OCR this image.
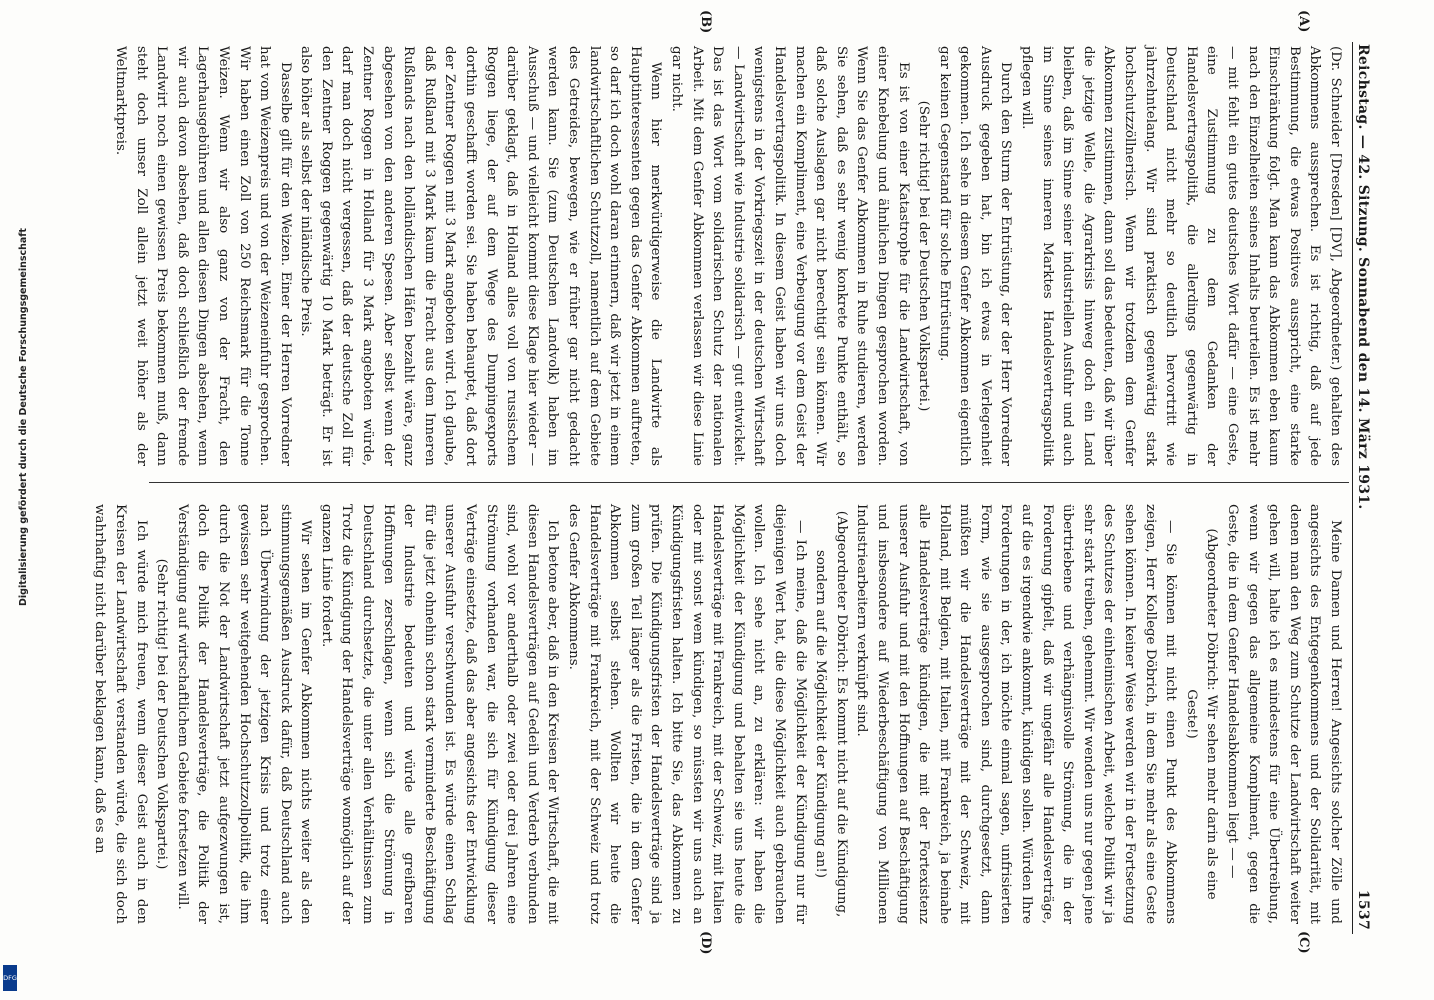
Reichstag. — 42. Sitzung. Sonnabend den 14. März 1931.
1537
(A)
(B)
(C)
(D)

(Dr. Schneider [Dresden] [DV], Abgeordneter.) gehalten des Abkommens aussprechen. Es ist richtig, daß auf jede Bestimmung, die etwas Positives ausspricht, eine starke Einschränkung folgt. Man kann das Abkommen eben kaum nach den Einzelheiten seines Inhalts beurteilen. Es ist mehr — mit fehlt ein gutes deutsches Wort dafür — eine Geste, eine Zustimmung zu dem Gedanken der Handelsvertragspolitik, die allerdings gegenwärtig in Deutschland nicht mehr so deutlich hervortritt wie jahrzehntelang. Wir sind praktisch gegenwärtig stark hochschutzzöllnerisch. Wenn wir trotzdem dem Genfer Abkommen zustimmen, dann soll das bedeuten, daß wir über die jetzige Welle, die Agrarkrisis hinweg doch ein Land bleiben, daß im Sinne seiner industriellen Ausfuhr und auch im Sinne seines inneren Marktes Handelsvertragspolitik pflegen will.

Durch den Sturm der Entrüstung, der der Herr Vorredner Ausdruck gegeben hat, bin ich etwas in Verlegenheit gekommen. Ich sehe in diesem Genfer Abkommen eigentlich gar keinen Gegenstand für solche Entrüstung.

(Sehr richtig! bei der Deutschen Volkspartei.)

Es ist von einer Katastrophe für die Landwirtschaft, von einer Knebelung und ähnlichen Dingen gesprochen worden. Wenn Sie das Genfer Abkommen in Ruhe studieren, werden Sie sehen, daß es sehr wenig konkrete Punkte enthält, so daß solche Auslagen gar nicht berechtigt sein können. Wir machen ein Kompliment, eine Verbeugung vor dem Geist der Handelsvertragspolitik. In diesem Geist haben wir uns doch wenigstens in der Vorkriegszeit in der deutschen Wirtschaft — Landwirtschaft wie Industrie solidarisch — gut entwickelt. Das ist das Wort vom solidarischen Schutz der nationalen Arbeit. Mit dem Genfer Abkommen verlassen wir diese Linie gar nicht.

Wenn hier merkwürdigerweise die Landwirte als Hauptinteressenten gegen das Genfer Abkommen auftreten, so darf ich doch wohl daran erinnern, daß wir jetzt in einem landwirtschaftlichen Schutzzoll, namentlich auf dem Gebiete des Getreides, bewegen, wie er früher gar nicht gedacht werden kann. Sie (zum Deutschen Landvolk) haben im Ausschuß — und vielleicht kommt diese Klage hier wieder — darüber geklagt, daß in Holland alles voll von russischem Roggen liege, der auf dem Wege des Dumpingexports dorthin geschafft worden sei. Sie haben behauptet, daß dort der Zentner Roggen mit 3 Mark angeboten wird. Ich glaube, daß Rußland mit 3 Mark kaum die Fracht aus dem Inneren Rußlands nach den holländischen Häfen bezahlt wäre, ganz abgesehen von den anderen Spesen. Aber selbst wenn der Zentner Roggen in Holland für 3 Mark angeboten würde, darf man doch nicht vergessen, daß der deutsche Zoll für den Zentner Roggen gegenwärtig 10 Mark beträgt. Er ist also höher als selbst der inländische Preis.

Dasselbe gilt für den Weizen. Einer der Herren Vorredner hat vom Weizenpreis und von der Weizeneinfuhr gesprochen. Wir haben einen Zoll von 250 Reichsmark für die Tonne Weizen. Wenn wir also ganz von der Fracht, den Lagerhausgebühren und allen diesen Dingen absehen, wenn wir auch davon absehen, daß doch schließlich der fremde Landwirt noch einen gewissen Preis bekommen muß, dann steht doch unser Zoll allein jetzt weit höher als der Weltmarktpreis.

Meine Damen und Herren! Angesichts solcher Zölle und angesichts des Entgegenkommens und der Solidarität, mit denen man den Weg zum Schutze der Landwirtschaft weiter gehen will, halte ich es mindestens für eine Übertreibung, wenn wir gegen das allgemeine Kompliment, gegen die Geste, die in dem Genfer Handelsabkommen liegt — —

(Abgeordneter Döbrich: Wir sehen mehr darin als eine Geste!)

— Sie können mit nicht einen Punkt des Abkommens zeigen, Herr Kollege Döbrich, in dem Sie mehr als eine Geste sehen können. In keiner Weise werden wir in der Fortsetzung des Schutzes der einheimischen Arbeit, welche Politik wir ja sehr stark treiben, gehemmt. Wir wenden uns nur gegen jene übertriebene und verhängnisvolle Strömung, die in der Forderung gipfelt, daß wir ungefähr alle Handelsverträge, auf die es irgendwie ankommt, kündigen sollen. Würden Ihre Forderungen in der, ich möchte einmal sagen, unfrisierten Form, wie sie ausgesprochen sind, durchgesetzt, dann müßten wir die Handelsverträge mit der Schweiz, mit Holland, mit Belgien, mit Italien, mit Frankreich, ja beinahe alle Handelsverträge kündigen, die mit der Fortexistenz unserer Ausfuhr und mit den Hoffnungen auf Beschäftigung und insbesondere auf Wiederbeschäftigung von Millionen Industriearbeitern verknüpft sind.

(Abgeordneter Döbrich: Es kommt nicht auf die Kündigung, sondern auf die Möglichkeit der Kündigung an!)

— Ich meine, daß die Möglichkeit der Kündigung nur für diejenigen Wert hat, die diese Möglichkeit auch gebrauchen wollen. Ich sehe nicht an, zu erklären: wir haben die Möglichkeit der Kündigung und behalten sie uns heute die Handelsverträge mit Frankreich, mit der Schweiz, mit Italien oder mit sonst wem kündigen, so müssten wir uns auch an Kündigungsfristen halten. Ich bitte Sie, das Abkommen zu prüfen. Die Kündigungsfristen der Handelsverträge sind ja zum großen Teil länger als die Fristen, die in dem Genfer Abkommen selbst stehen. Wollten wir heute die Handelsverträge mit Frankreich, mit der Schweiz und trotz des Genfer Abkommens.

Ich betone aber, daß in den Kreisen der Wirtschaft, die mit diesen Handelsverträgen auf Gedeih und Verderb verbunden sind, wohl vor anderthalb oder zwei oder drei Jahren eine Strömung vorhanden war, die sich für Kündigung dieser Verträge einsetzte, daß das aber angesichts der Entwicklung unserer Ausfuhr verschwunden ist. Es würde einen Schlag für die jetzt ohnehin schon stark verminderte Beschäftigung der Industrie bedeuten und würde alle greifbaren Hoffnungen zerschlagen, wenn sich die Strömung in Deutschland durchsetzte, die unter allen Verhältnissen zum Trotz die Kündigung der Handelsverträge womöglich auf der ganzen Linie fordert.

Wir sehen im Genfer Abkommen nichts weiter als den stimmungsgemäßen Ausdruck dafür, daß Deutschland auch nach Überwindung der jetzigen Krisis und trotz einer gewissen sehr weitgehenden Hochschutzzollpolitik, die ihm durch die Not der Landwirtschaft jetzt aufgezwungen ist, doch die Politik der Handelsverträge, die Politik der Verständigung auf wirtschaftlichem Gebiete fortsetzen will.

(Sehr richtig! bei der Deutschen Volkspartei.)

Ich würde mich freuen, wenn dieser Geist auch in den Kreisen der Landwirtschaft verstanden würde, die sich doch wahrhaftig nicht darüber beklagen kann, daß es an

Digitalisierung gefördert durch die Deutsche Forschungsgemeinschaft
DFG
